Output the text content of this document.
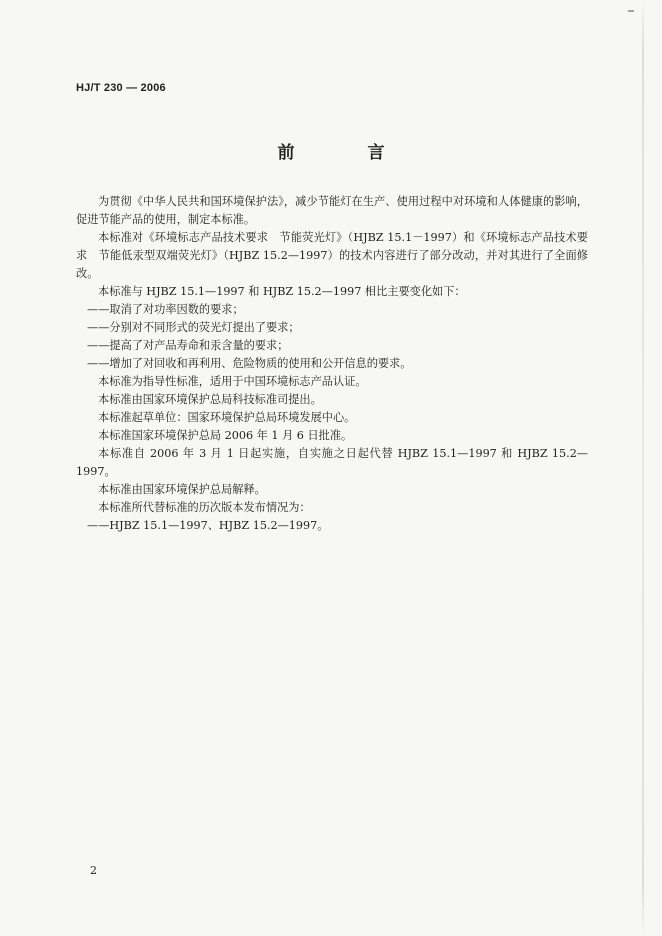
HJ/T 230 — 2006
前　言

为贯彻《中华人民共和国环境保护法》，减少节能灯在生产、使用过程中对环境和人体健康的影响，促进节能产品的使用，制定本标准。

本标准对《环境标志产品技术要求　节能荧光灯》（HJBZ 15.1－1997）和《环境标志产品技术要求　节能低汞型双端荧光灯》（HJBZ 15.2—1997）的技术内容进行了部分改动，并对其进行了全面修改。

本标准与 HJBZ 15.1—1997 和 HJBZ 15.2—1997 相比主要变化如下：

——取消了对功率因数的要求；

——分别对不同形式的荧光灯提出了要求；

——提高了对产品寿命和汞含量的要求；

——增加了对回收和再利用、危险物质的使用和公开信息的要求。

本标准为指导性标准，适用于中国环境标志产品认证。

本标准由国家环境保护总局科技标准司提出。

本标准起草单位：国家环境保护总局环境发展中心。

本标准国家环境保护总局 2006 年 1 月 6 日批准。

本标准自 2006 年 3 月 1 日起实施，自实施之日起代替 HJBZ 15.1—1997 和 HJBZ 15.2—1997。

本标准由国家环境保护总局解释。

本标准所代替标准的历次版本发布情况为：

——HJBZ 15.1—1997、HJBZ 15.2—1997。

2
